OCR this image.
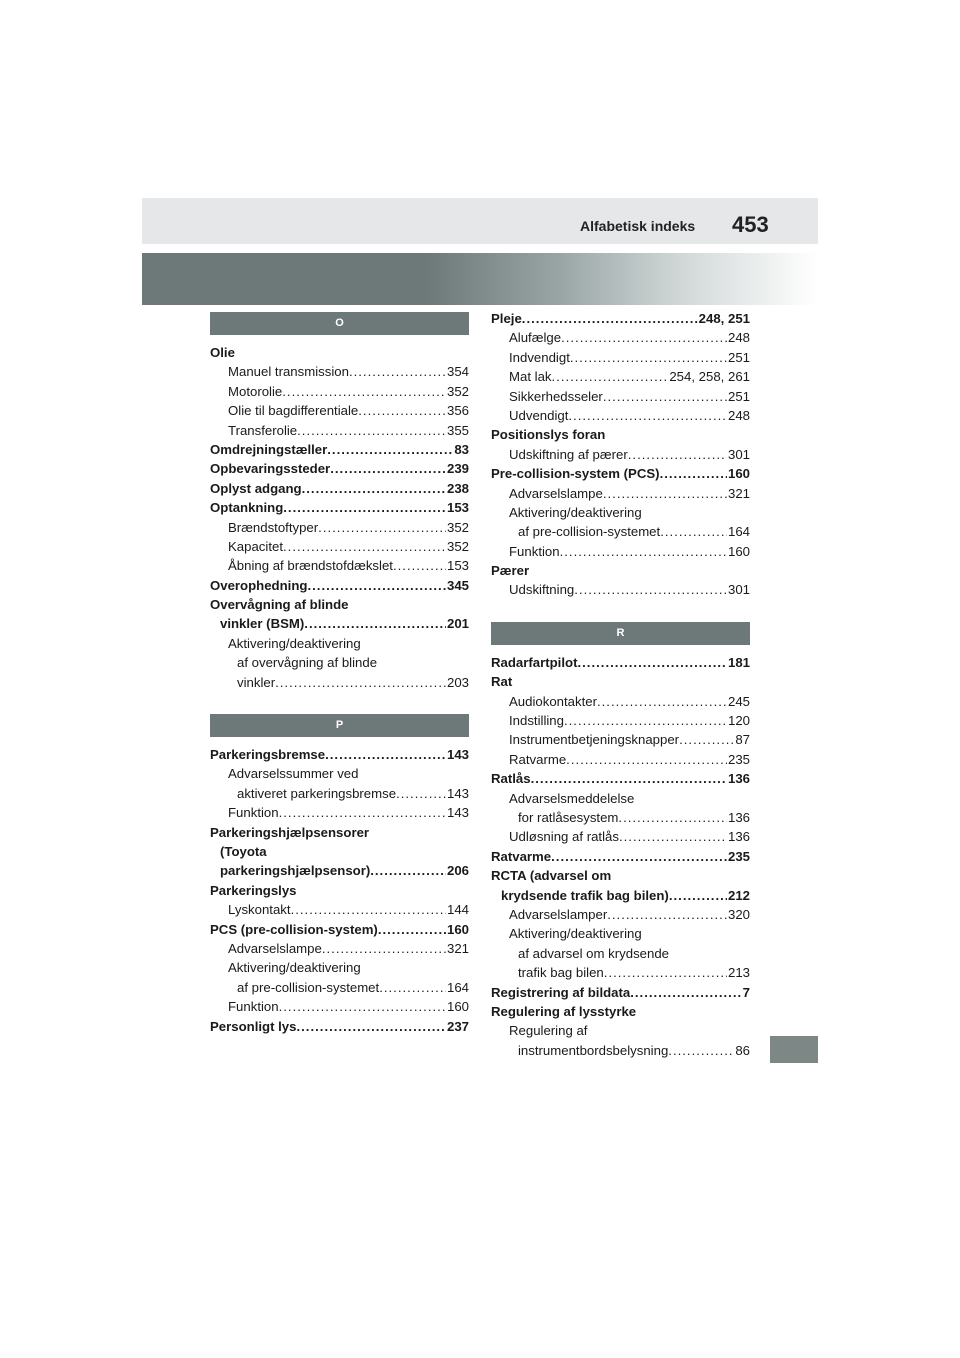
Alfabetisk indeks 453
O
Olie
Manuel transmission .....	354
Motorolie .....	352
Olie til bagdifferentiale .....	356
Transferolie .....	355
Omdrejningstæller .....	83
Opbevaringssteder .....	239
Oplyst adgang .....	238
Optankning .....	153
Brændstoftyper .....	352
Kapacitet .....	352
Åbning af brændstofdækslet .....	153
Overophedning .....	345
Overvågning af blinde
vinkler (BSM) .....	201
Aktivering/deaktivering
af overvågning af blinde
vinkler .....	203
P
Parkeringsbremse .....	143
Advarselssummer ved
aktiveret parkeringsbremse .....	143
Funktion .....	143
Parkeringshjælpsensorer
(Toyota
parkeringshjælpsensor) .....	206
Parkeringslys
Lyskontakt .....	144
PCS (pre-collision-system) .....	160
Advarselslampe .....	321
Aktivering/deaktivering
af pre-collision-systemet .....	164
Funktion .....	160
Personligt lys .....	237
Pleje .....	248, 251
Alufælge .....	248
Indvendigt .....	251
Mat lak .....	254, 258, 261
Sikkerhedsseler .....	251
Udvendigt .....	248
Positionslys foran
Udskiftning af pærer .....	301
Pre-collision-system (PCS) .....	160
Advarselslampe .....	321
Aktivering/deaktivering
af pre-collision-systemet .....	164
Funktion .....	160
Pærer
Udskiftning .....	301
R
Radarfartpilot .....	181
Rat
Audiokontakter .....	245
Indstilling .....	120
Instrumentbetjeningsknapper .....	87
Ratvarme .....	235
Ratlås .....	136
Advarselsmeddelelse
for ratlåsesystem .....	136
Udløsning af ratlås .....	136
Ratvarme .....	235
RCTA (advarsel om
krydsende trafik bag bilen) .....	212
Advarselslamper .....	320
Aktivering/deaktivering
af advarsel om krydsende
trafik bag bilen .....	213
Registrering af bildata .....	7
Regulering af lysstyrke
Regulering af
instrumentbordsbelysning .....	86
